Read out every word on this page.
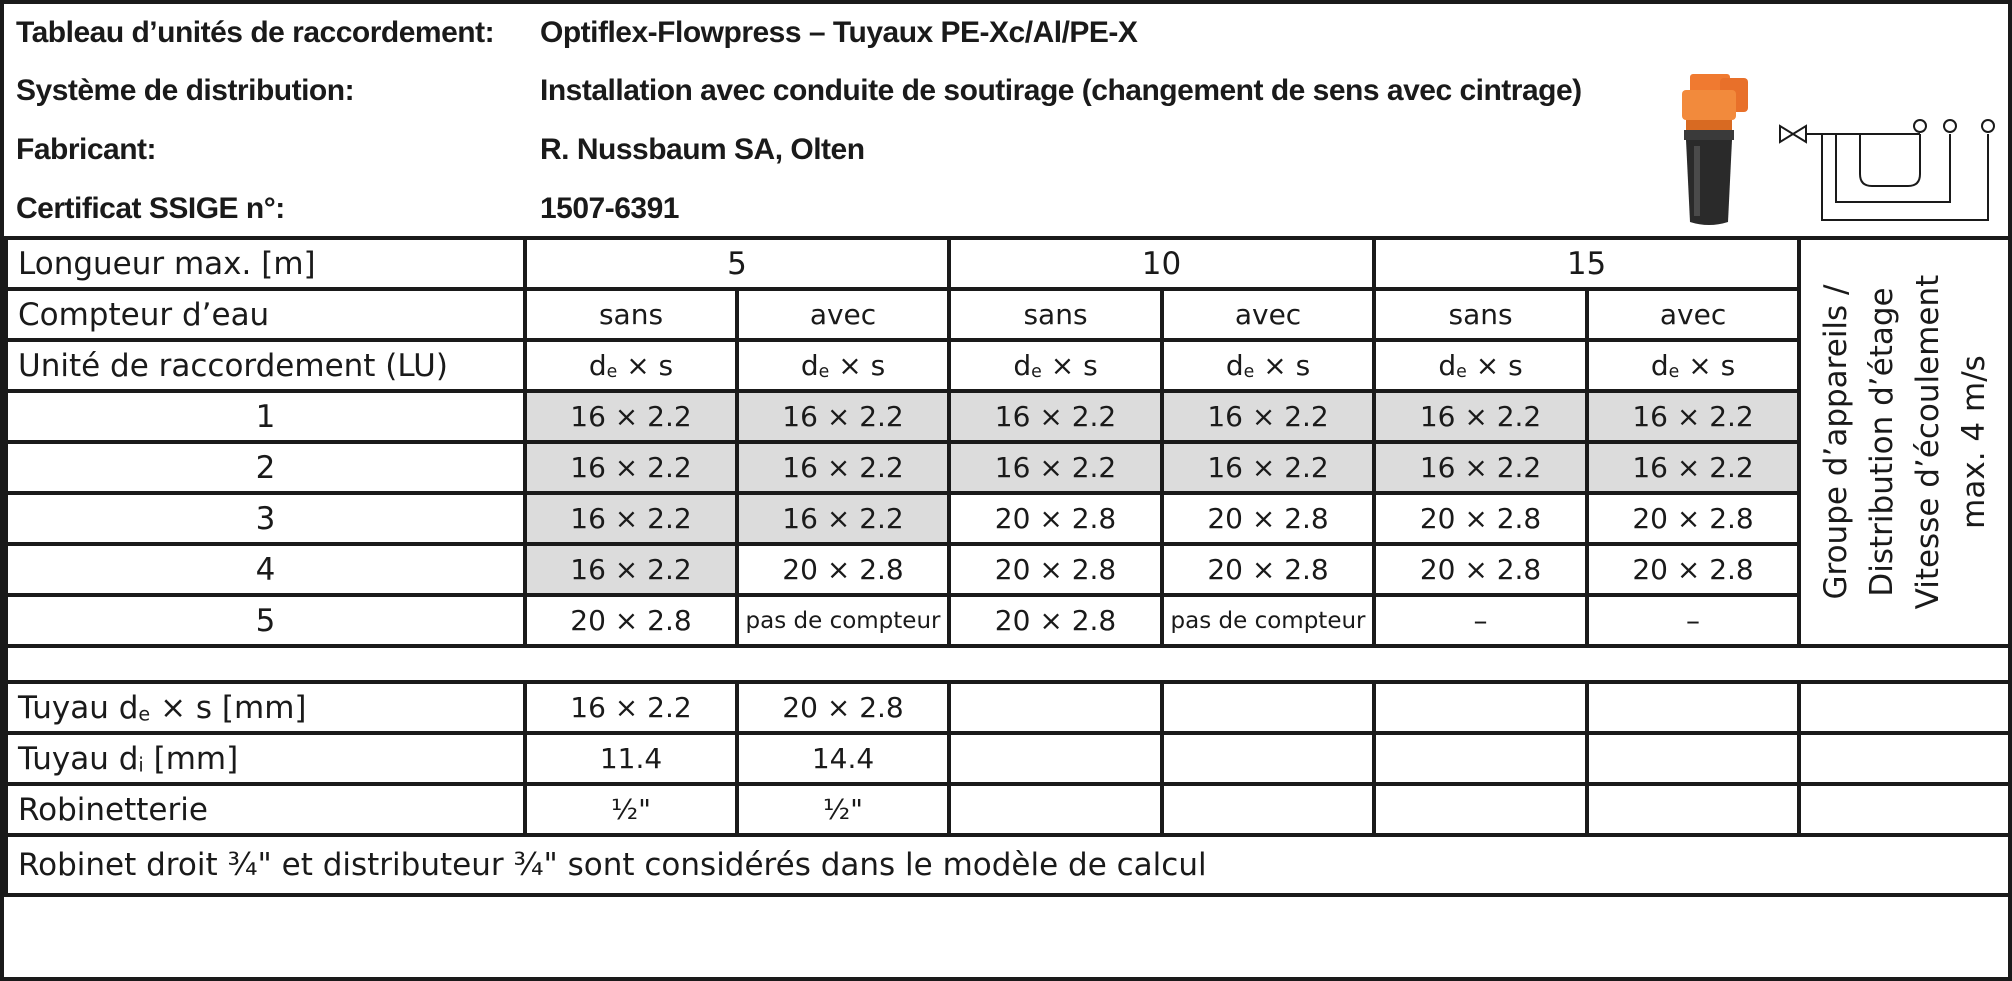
Tableau d’unités de raccordement: Optiflex-Flowpress – Tuyaux PE-Xc/Al/PE-X
Système de distribution:	Installation avec conduite de soutirage (changement de sens avec cintrage)
Fabricant:	R. Nussbaum SA, Olten
Certificat SSIGE n°:	1507-6391
Longueur max. [m]	5		10		15		Groupe d’appareils / Distribution d’étage Vitesse d’écoulement max. 4 m/s

Compteur d’eau	sans	avec	sans	avec	sans	avec	
Unité de raccordement (LU)	de × s	de × s	de × s	de × s	de × s	de × s	
1	16 × 2.2	16 × 2.2	16 × 2.2	16 × 2.2	16 × 2.2	16 × 2.2	
2	16 × 2.2	16 × 2.2	16 × 2.2	16 × 2.2	16 × 2.2	16 × 2.2	
3	16 × 2.2	16 × 2.2	20 × 2.8	20 × 2.8	20 × 2.8	20 × 2.8	
4	16 × 2.2	20 × 2.8	20 × 2.8	20 × 2.8	20 × 2.8	20 × 2.8	
5	20 × 2.8	pas de compteur	20 × 2.8	pas de compteur	–	–	

Tuyau de × s [mm]	16 × 2.2	20 × 2.8					
Tuyau di [mm]	11.4	14.4					
Robinetterie	½"	½"					
Robinet droit ¾" et distributeur ¾" sont considérés dans le modèle de calcul							
